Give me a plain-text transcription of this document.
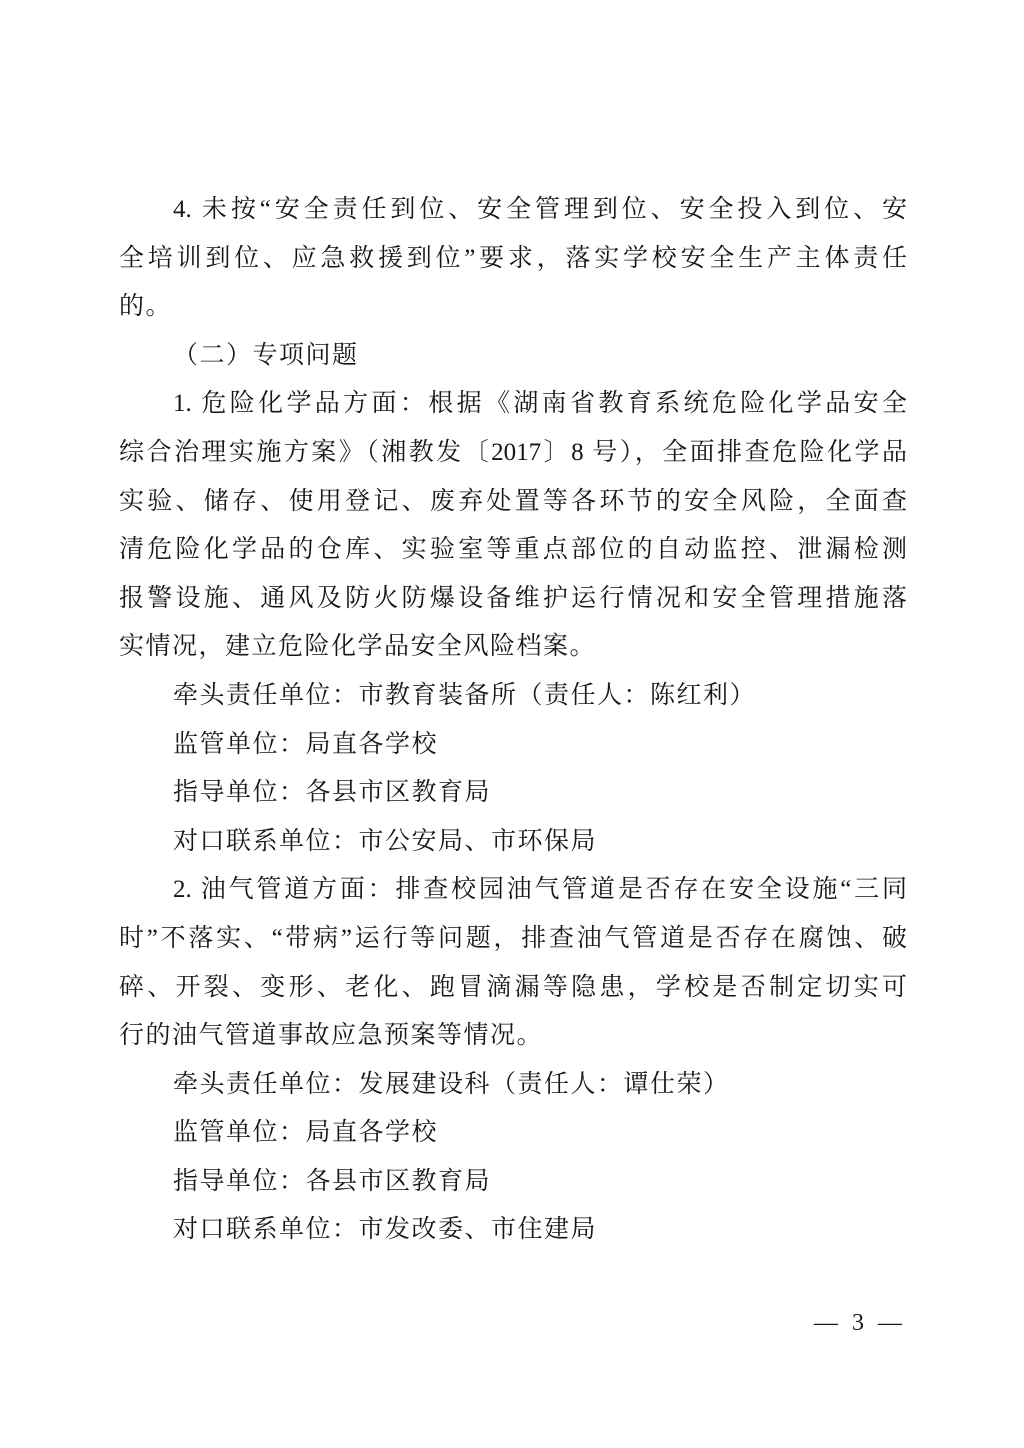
4. 未按“安全责任到位、安全管理到位、安全投入到位、安

全培训到位、应急救援到位”要求，落实学校安全生产主体责任

的。

（二）专项问题

1. 危险化学品方面：根据《湖南省教育系统危险化学品安全

综合治理实施方案》（湘教发〔2017〕8 号），全面排查危险化学品

实验、储存、使用登记、废弃处置等各环节的安全风险，全面查

清危险化学品的仓库、实验室等重点部位的自动监控、泄漏检测

报警设施、通风及防火防爆设备维护运行情况和安全管理措施落

实情况，建立危险化学品安全风险档案。

牵头责任单位：市教育装备所（责任人：陈红利）

监管单位：局直各学校

指导单位：各县市区教育局

对口联系单位：市公安局、市环保局

2. 油气管道方面：排查校园油气管道是否存在安全设施“三同

时”不落实、“带病”运行等问题，排查油气管道是否存在腐蚀、破

碎、开裂、变形、老化、跑冒滴漏等隐患，学校是否制定切实可

行的油气管道事故应急预案等情况。

牵头责任单位：发展建设科（责任人：谭仕荣）

监管单位：局直各学校

指导单位：各县市区教育局

对口联系单位：市发改委、市住建局

— 3 —
